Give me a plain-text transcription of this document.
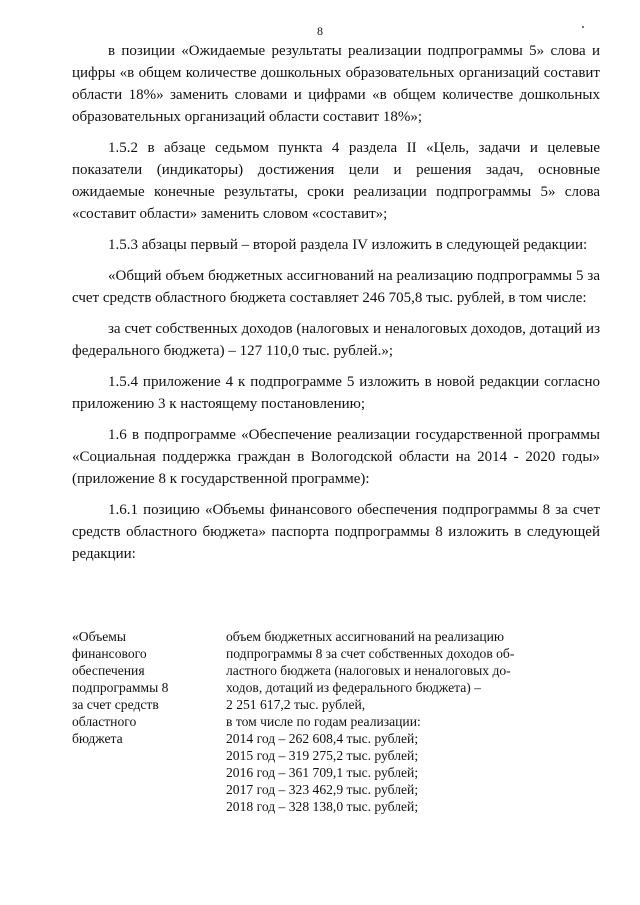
8

в позиции «Ожидаемые результаты реализации подпрограммы 5» слова и цифры «в общем количестве дошкольных образовательных организаций составит области 18%» заменить словами и цифрами «в общем количестве дошкольных образовательных организаций области составит 18%»;

1.5.2 в абзаце седьмом пункта 4 раздела II «Цель, задачи и целевые показатели (индикаторы) достижения цели и решения задач, основные ожидаемые конечные результаты, сроки реализации подпрограммы 5» слова «составит области» заменить словом «составит»;

1.5.3 абзацы первый – второй раздела IV изложить в следующей редакции:

«Общий объем бюджетных ассигнований на реализацию подпрограммы 5 за счет средств областного бюджета составляет 246 705,8 тыс. рублей, в том числе:

за счет собственных доходов (налоговых и неналоговых доходов, дотаций из федерального бюджета) – 127 110,0 тыс. рублей.»;

1.5.4 приложение 4 к подпрограмме 5 изложить в новой редакции согласно приложению 3 к настоящему постановлению;

1.6 в подпрограмме «Обеспечение реализации государственной программы «Социальная поддержка граждан в Вологодской области на 2014 - 2020 годы» (приложение 8 к государственной программе):

1.6.1 позицию «Объемы финансового обеспечения подпрограммы 8 за счет средств областного бюджета» паспорта подпрограммы 8 изложить в следующей редакции:

«Объемы
финансового
обеспечения
подпрограммы 8
за счет средств
областного
бюджета
объем бюджетных ассигнований на реализацию
подпрограммы 8 за счет собственных доходов об-
ластного бюджета (налоговых и неналоговых до-
ходов, дотаций из федерального бюджета) –
2 251 617,2 тыс. рублей,
в том числе по годам реализации:
2014 год – 262 608,4 тыс. рублей;
2015 год – 319 275,2 тыс. рублей;
2016 год – 361 709,1 тыс. рублей;
2017 год – 323 462,9 тыс. рублей;
2018 год – 328 138,0 тыс. рублей;
